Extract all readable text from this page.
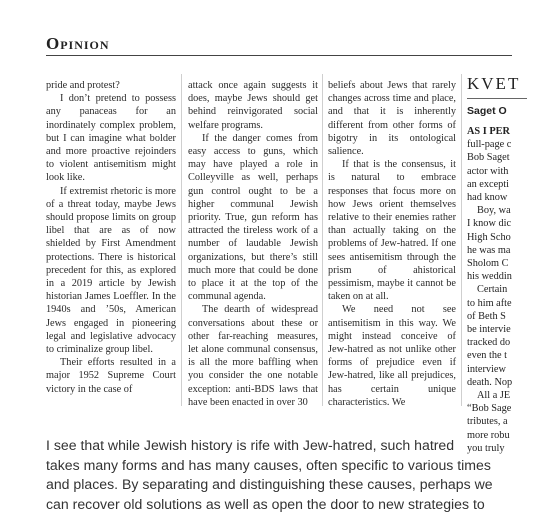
Opinion

pride and protest?

I don’t pretend to possess any panaceas for an inordinately complex problem, but I can imagine what bolder and more proactive rejoinders to violent antisemitism might look like.

If extremist rhetoric is more of a threat today, maybe Jews should propose limits on group libel that are as of now shielded by First Amendment protections. There is historical precedent for this, as explored in a 2019 article by Jewish historian James Loeffler. In the 1940s and ’50s, American Jews engaged in pioneering legal and legislative advocacy to criminalize group libel.

Their efforts resulted in a major 1952 Supreme Court victory in the case of

attack once again suggests it does, maybe Jews should get behind reinvigorated social welfare programs.

If the danger comes from easy access to guns, which may have played a role in Colleyville as well, perhaps gun control ought to be a higher communal Jewish priority. True, gun reform has attracted the tireless work of a number of laudable Jewish organizations, but there’s still much more that could be done to place it at the top of the communal agenda.

The dearth of widespread conversations about these or other far-reaching measures, let alone communal consensus, is all the more baffling when you consider the one notable exception: anti-BDS laws that have been enacted in over 30

beliefs about Jews that rarely changes across time and place, and that it is inherently different from other forms of bigotry in its ontological salience.

If that is the consensus, it is natural to embrace responses that focus more on how Jews orient themselves relative to their enemies rather than actually taking on the problems of Jew-hatred. If one sees antisemitism through the prism of ahistorical pessimism, maybe it cannot be taken on at all.

We need not see antisemitism in this way. We might instead conceive of Jew-hatred as not unlike other forms of prejudice even if Jew-hatred, like all prejudices, has certain unique characteristics. We

KVET
Saget O

AS I PER

full-page c

Bob Saget

actor with

an excepti

had know

Boy, wa

I know dic

High Scho

he was ma

Sholom C

his weddin

Certain

to him afte

of Beth S

be intervie

tracked do

even the t

interview

death. Nop

All a JE

“Bob Sage

tributes, a

more robu

you truly

I see that while Jewish history is rife with Jew-hatred, such hatred

takes many forms and has many causes, often specific to various times

and places. By separating and distinguishing these causes, perhaps we

can recover old solutions as well as open the door to new strategies to
